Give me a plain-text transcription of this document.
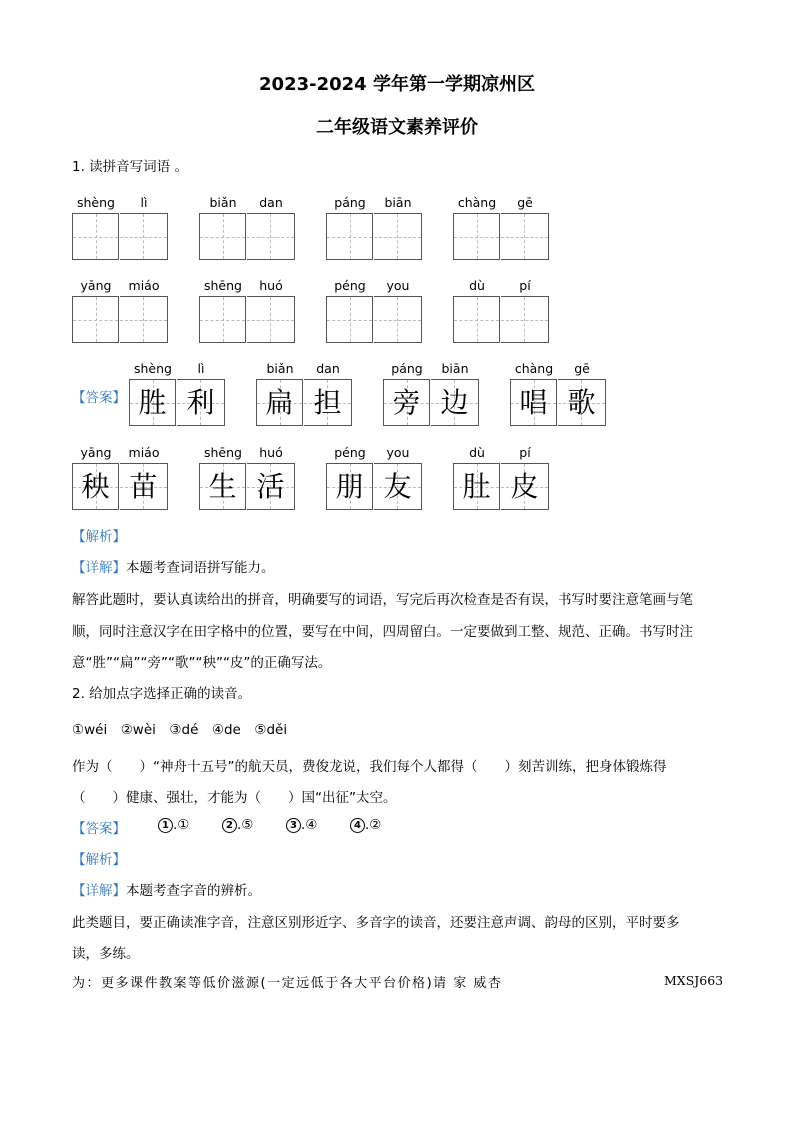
2023-2024 学年第一学期凉州区
二年级语文素养评价
1. 读拼音写词语 。
shèng	lì	biǎn	dan	páng	biān	chàng	gē
yāng	miáo	shēng	huó	péng	you	dù	pí
shèng	lì
胜 利
biǎn	dan
扁 担
páng	biān
旁 边
chàng	gē
唱 歌
yāng	miáo
秧 苗
shēng	huó
生 活
péng	you
朋 友
dù	pí
肚 皮
【答案】
【解析】
【详解】本题考查词语拼写能力。
解答此题时，要认真读给出的拼音，明确要写的词语，写完后再次检查是否有误，书写时要注意笔画与笔
顺，同时注意汉字在田字格中的位置，要写在中间，四周留白。一定要做到工整、规范、正确。书写时注
意“胜”“扁”“旁”“歌”“秧”“皮”的正确写法。
2. 给加点字选择正确的读音。
①wéi　②wèi　③dé　④de　⑤děi
作为（　　）“神舟十五号”的航天员，费俊龙说，我们每个人都得（　　）刻苦训练，把身体锻炼得
（　　）健康、强壮，才能为（　　）国“出征”太空。
【答案】	1 .①	2 .⑤	3 .④	4 .②
【解析】
【详解】本题考查字音的辨析。
此类题目，要正确读准字音，注意区别形近字、多音字的读音，还要注意声调、韵母的区别，平时要多
读，多练。
为：更多课件教案等低价滋源(一定远低于各大平台价格)请 家 威杏	MXSJ663
